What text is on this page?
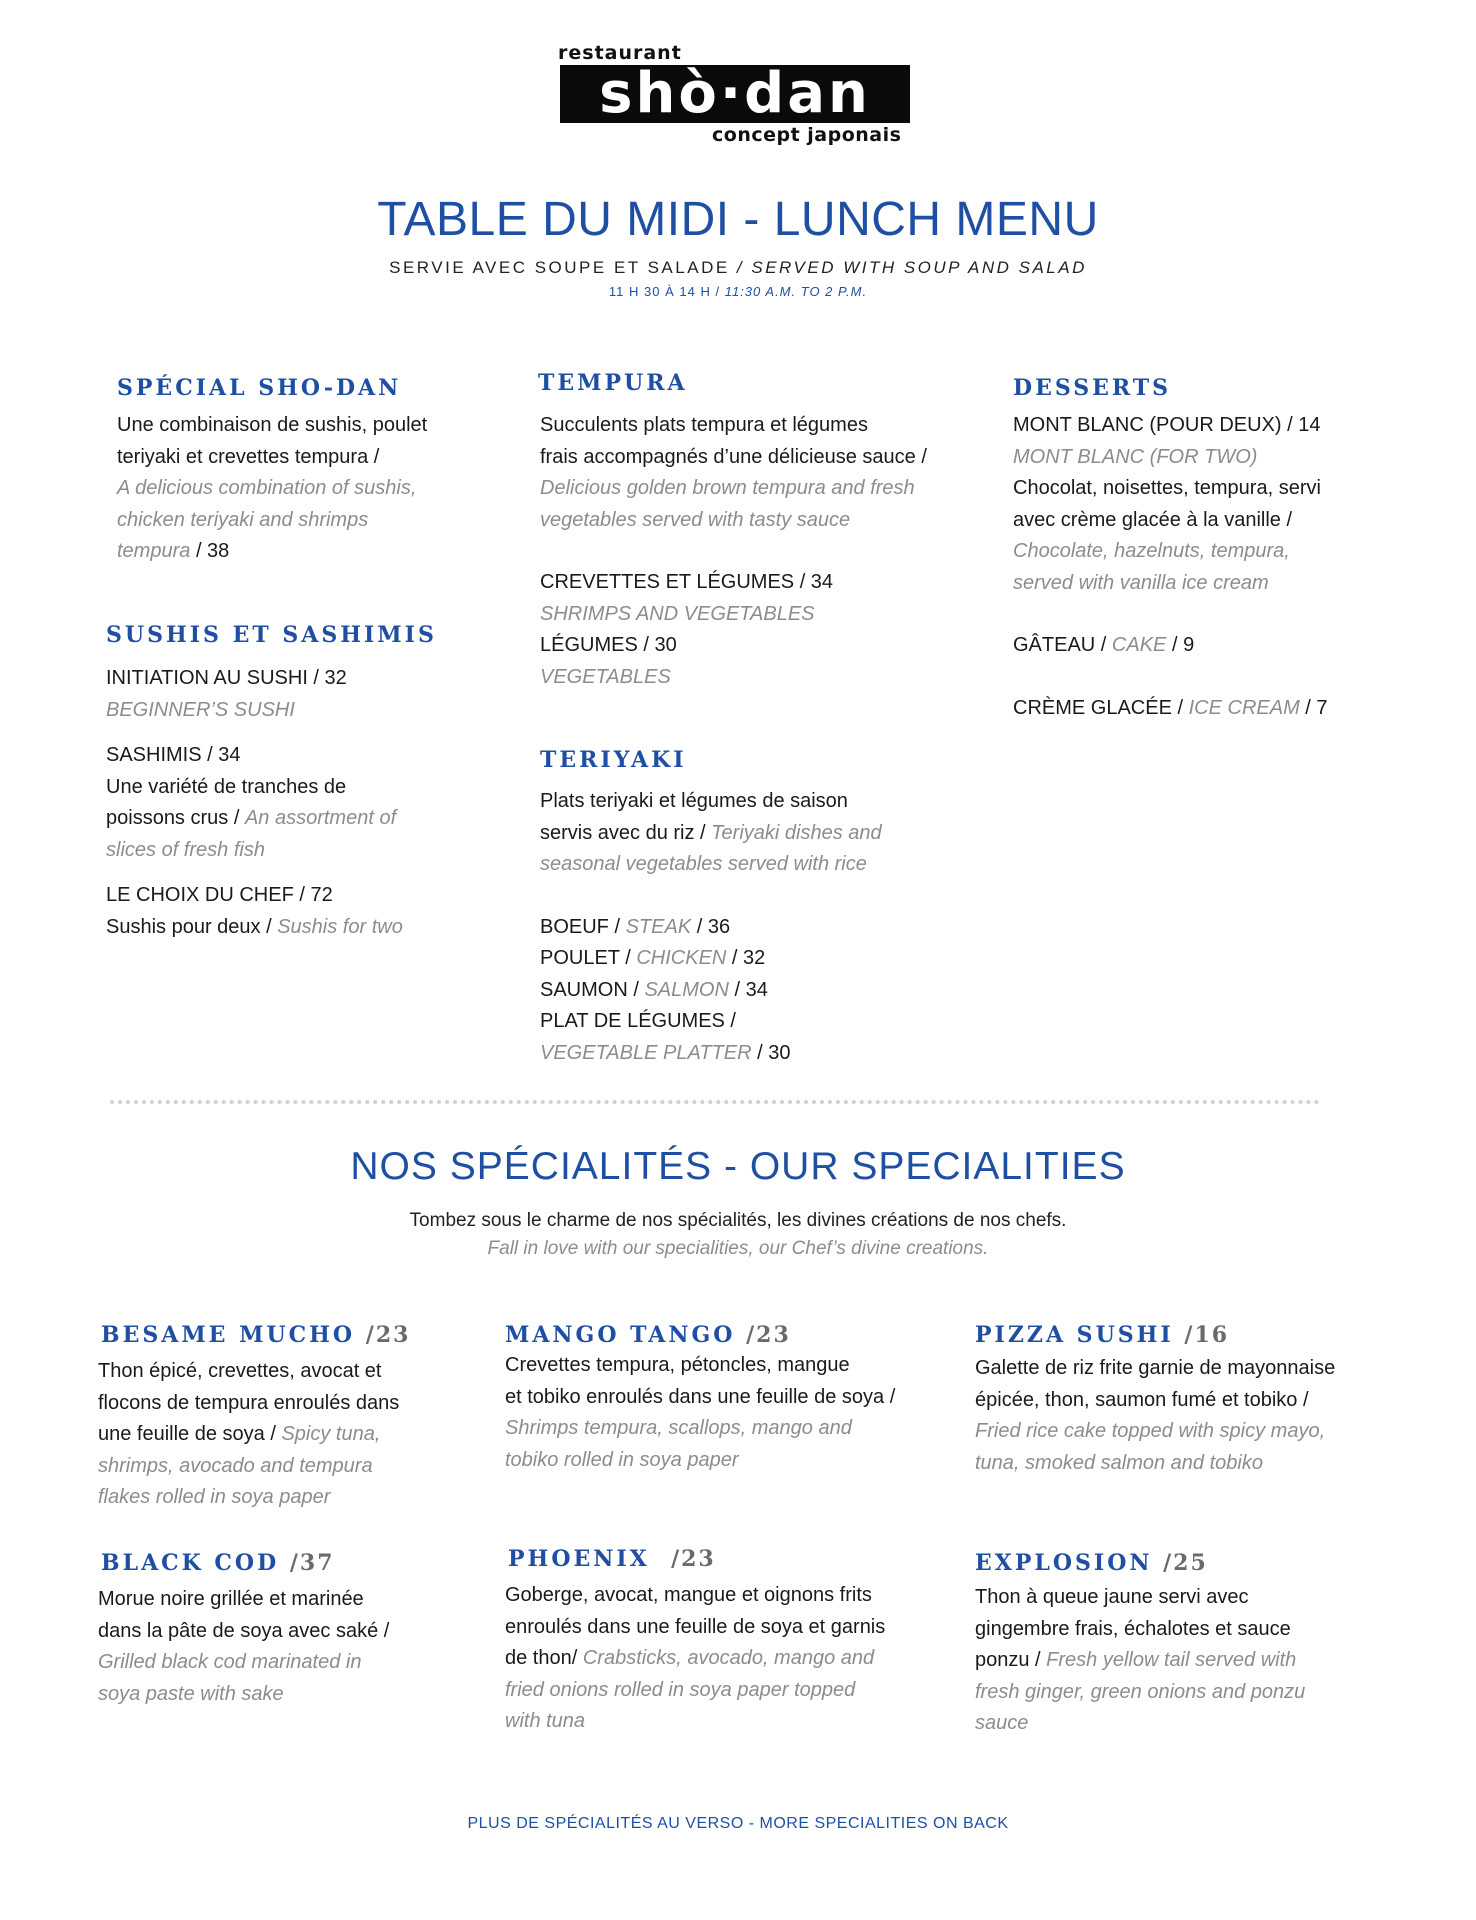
restaurant
shò·dan
concept japonais
TABLE DU MIDI - LUNCH MENU
SERVIE AVEC SOUPE ET SALADE / SERVED WITH SOUP AND SALAD
11 H 30 À 14 H / 11:30 A.M. TO 2 P.M.
SPÉCIAL SHO-DAN

Une combinaison de sushis, poulet

teriyaki et crevettes tempura /

A delicious combination of sushis,

chicken teriyaki and shrimps

tempura / 38

SUSHIS ET SASHIMIS

INITIATION AU SUSHI / 32

BEGINNER’S SUSHI

SASHIMIS / 34

Une variété de tranches de

poissons crus / An assortment of

slices of fresh fish

LE CHOIX DU CHEF / 72

Sushis pour deux / Sushis for two

TEMPURA

Succulents plats tempura et légumes

frais accompagnés d’une délicieuse sauce /

Delicious golden brown tempura and fresh

vegetables served with tasty sauce

CREVETTES ET LÉGUMES / 34

SHRIMPS AND VEGETABLES

LÉGUMES / 30

VEGETABLES

TERIYAKI

Plats teriyaki et légumes de saison

servis avec du riz / Teriyaki dishes and

seasonal vegetables served with rice

BOEUF / STEAK / 36

POULET / CHICKEN / 32

SAUMON / SALMON / 34

PLAT DE LÉGUMES /

VEGETABLE PLATTER / 30

DESSERTS

MONT BLANC (POUR DEUX) / 14

MONT BLANC (FOR TWO)

Chocolat, noisettes, tempura, servi

avec crème glacée à la vanille /

Chocolate, hazelnuts, tempura,

served with vanilla ice cream

GÂTEAU / CAKE / 9

CRÈME GLACÉE / ICE CREAM / 7

NOS SPÉCIALITÉS - OUR SPECIALITIES
Tombez sous le charme de nos spécialités, les divines créations de nos chefs.
Fall in love with our specialities, our Chef’s divine creations.
BESAME MUCHO /23

Thon épicé, crevettes, avocat et

flocons de tempura enroulés dans

une feuille de soya / Spicy tuna,

shrimps, avocado and tempura

flakes rolled in soya paper

MANGO TANGO /23

Crevettes tempura, pétoncles, mangue

et tobiko enroulés dans une feuille de soya /

Shrimps tempura, scallops, mango and

tobiko rolled in soya paper

PIZZA SUSHI /16

Galette de riz frite garnie de mayonnaise

épicée, thon, saumon fumé et tobiko /

Fried rice cake topped with spicy mayo,

tuna, smoked salmon and tobiko

BLACK COD /37

Morue noire grillée et marinée

dans la pâte de soya avec saké /

Grilled black cod marinated in

soya paste with sake

PHOENIX /23

Goberge, avocat, mangue et oignons frits

enroulés dans une feuille de soya et garnis

de thon/ Crabsticks, avocado, mango and

fried onions rolled in soya paper topped

with tuna

EXPLOSION /25

Thon à queue jaune servi avec

gingembre frais, échalotes et sauce

ponzu / Fresh yellow tail served with

fresh ginger, green onions and ponzu

sauce

PLUS DE SPÉCIALITÉS AU VERSO - MORE SPECIALITIES ON BACK
